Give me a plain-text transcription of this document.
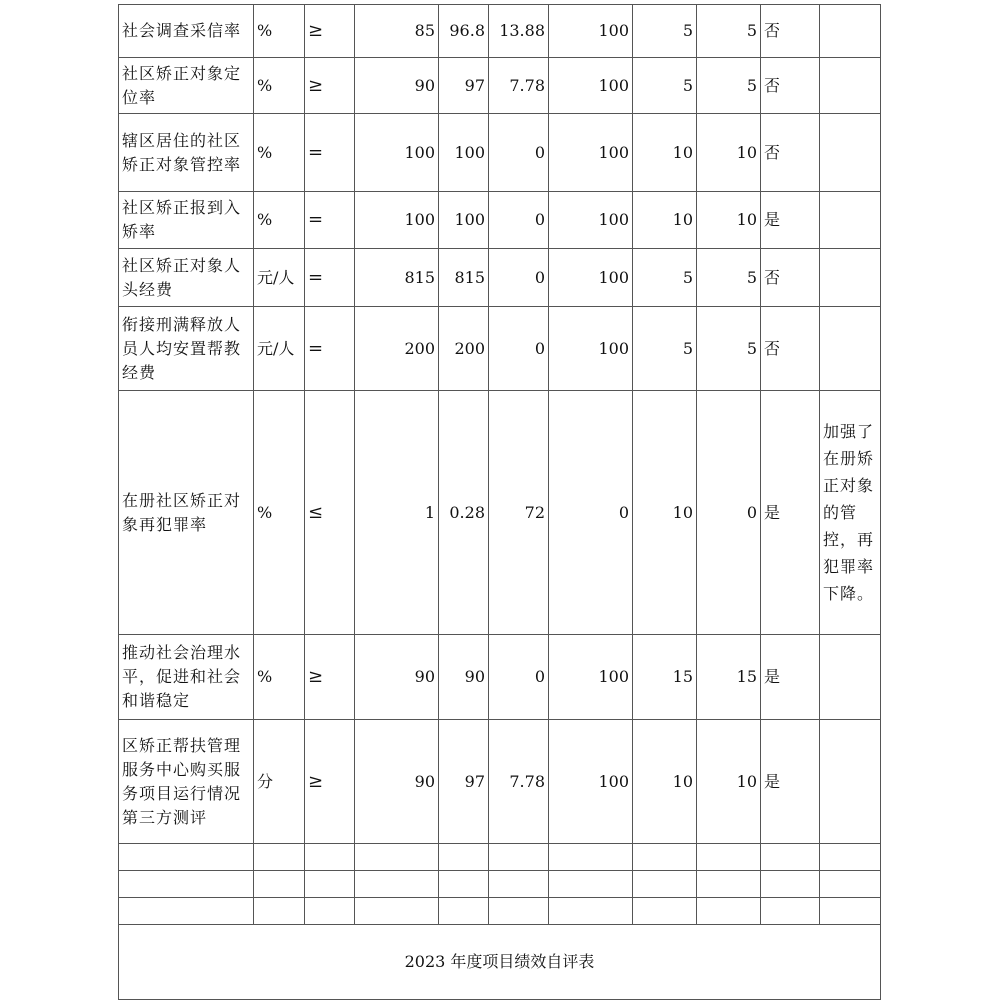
社会调查采信率	%	≥	85	96.8	13.88	100	5	5	否	
社区矫正对象定位率	%	≥	90	97	7.78	100	5	5	否	
辖区居住的社区矫正对象管控率	%	=	100	100	0	100	10	10	否	
社区矫正报到入矫率	%	=	100	100	0	100	10	10	是	
社区矫正对象人头经费	元/人	=	815	815	0	100	5	5	否	
衔接刑满释放人员人均安置帮教经费	元/人	=	200	200	0	100	5	5	否	
在册社区矫正对象再犯罪率	%	≤	1	0.28	72	0	10	0	是	加强了在册矫正对象的管控，再犯罪率下降。
推动社会治理水平，促进和社会和谐稳定	%	≥	90	90	0	100	15	15	是	
区矫正帮扶管理服务中心购买服务项目运行情况第三方测评	分	≥	90	97	7.78	100	10	10	是	

2023 年度项目绩效自评表										
